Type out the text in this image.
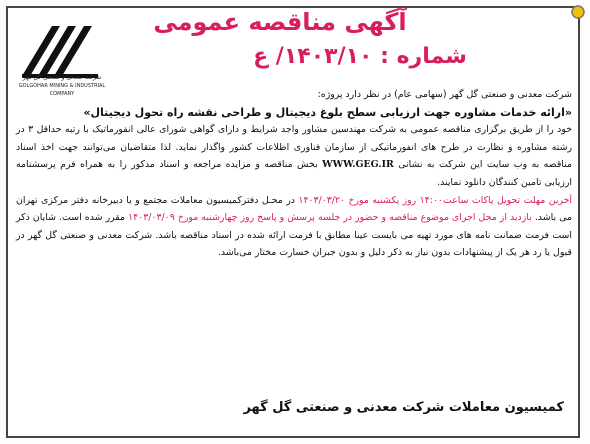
شرکت معدنی و صنعتی گل گهر
GOLGOHAR MINING & INDUSTRIAL COMPANY
آگهی مناقصه عمومی
شماره : ۱۴۰۳/۱۰/ ع

شرکت معدنی و صنعتی گل گهر (سهامی عام) در نظر دارد پروژه:

«ارائه خدمات مشاوره جهت ارزیابی سطح بلوغ دیجیتال و طراحی نقشه راه تحول دیجیتال»

خود را از طریق برگزاری مناقصه عمومی به شرکت مهندسین مشاور واجد شرایط و دارای گواهی شورای عالی انفورماتیک با رتبه حداقل ۳ در رشته مشاوره و نظارت در طرح های انفورماتیکی از سازمان فناوری اطلاعات کشور واگذار نماید. لذا متقاضیان می‌توانند جهت اخذ اسناد مناقصه به وب سایت این شرکت به نشانی WWW.GEG.IR بخش مناقصه و مزایده مراجعه و اسناد مذکور را به همراه فرم پرسشنامه ارزیابی تامین کنندگان دانلود نمایند.

آخرین مهلت تحویل پاکات ساعت۱۴:۰۰ روز یکشنبه مورخ ۱۴۰۳/۰۳/۲۰ در محـل دفترکمیسیون معاملات مجتمع و یا دبیرخانه دفتر مرکزی تهران می باشد. بازدید از محل اجرای موضوع مناقصه و حضور در جلسه پرسش و پاسخ روز چهارشنبه مورخ ۱۴۰۳/۰۳/۰۹ مقرر شده است. شایان ذکر است فرمت ضمانت نامه های مورد تهیه می بایست عینا مطابق با فرمت ارائه شده در اسناد مناقصه باشد. شرکت معدنی و صنعتی گل گهر در قبول یا رد هر یک از پیشنهادات بدون نیاز به ذکر دلیل و بدون جبران خسارت مختار می‌باشد.

کمیسیون معاملات شرکت معدنی و صنعتی گل گهر
